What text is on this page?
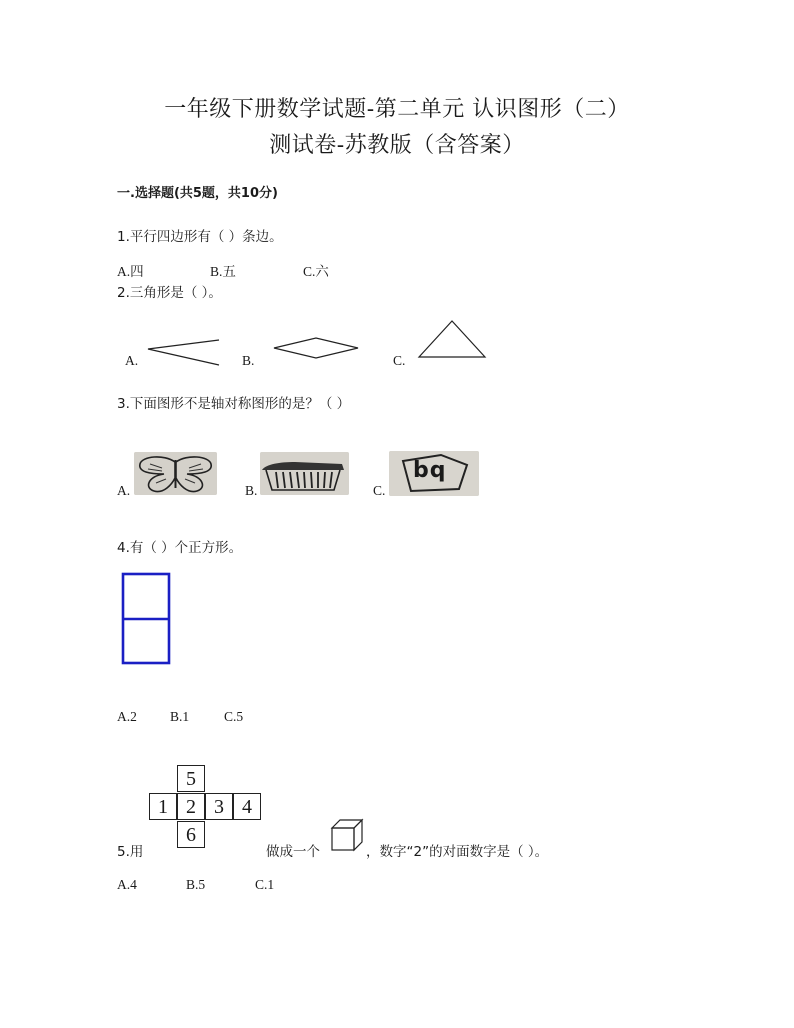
一年级下册数学试题-第二单元 认识图形（二）
测试卷-苏教版（含答案）
一.选择题(共5题，共10分)
1.平行四边形有（ ）条边。
A.四	B.五	C.六
2.三角形是（ ）。
A.	B.	C.
3.下面图形不是轴对称图形的是？（ ）
A.	B.	C.
bq
4.有（ ）个正方形。
A.2 B.1	C.5
5
1 2 3 4
6
5.用	做成一个	，数字“2”的对面数字是（ ）。
A.4	B.5	C.1
